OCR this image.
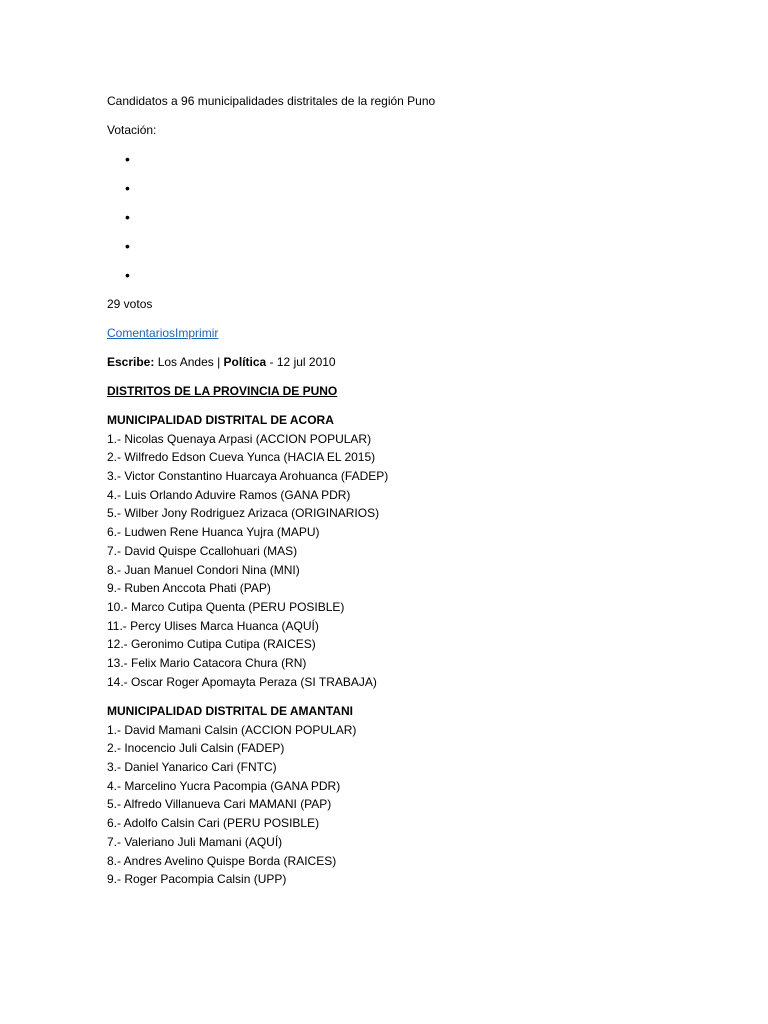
Candidatos a 96 municipalidades distritales de la región Puno
Votación:
•
•
•
•
•
29 votos
ComentariosImprimir
Escribe: Los Andes | Política - 12 jul 2010
DISTRITOS DE LA PROVINCIA DE PUNO
MUNICIPALIDAD DISTRITAL DE ACORA
1.- Nicolas Quenaya Arpasi (ACCION POPULAR)
2.- Wilfredo Edson Cueva Yunca (HACIA EL 2015)
3.- Victor Constantino Huarcaya Arohuanca (FADEP)
4.- Luis Orlando Aduvire Ramos (GANA PDR)
5.- Wilber Jony Rodriguez Arizaca (ORIGINARIOS)
6.- Ludwen Rene Huanca Yujra (MAPU)
7.- David Quispe Ccallohuari (MAS)
8.- Juan Manuel Condori Nina (MNI)
9.- Ruben Anccota Phati (PAP)
10.- Marco Cutipa Quenta (PERU POSIBLE)
11.- Percy Ulises Marca Huanca (AQUÍ)
12.- Geronimo Cutipa Cutipa (RAICES)
13.- Felix Mario Catacora Chura (RN)
14.- Oscar Roger Apomayta Peraza (SI TRABAJA)
MUNICIPALIDAD DISTRITAL DE AMANTANI
1.- David Mamani Calsin (ACCION POPULAR)
2.- Inocencio Juli Calsin (FADEP)
3.- Daniel Yanarico Cari (FNTC)
4.- Marcelino Yucra Pacompia (GANA PDR)
5.- Alfredo Villanueva Cari MAMANI (PAP)
6.- Adolfo Calsin Cari (PERU POSIBLE)
7.- Valeriano Juli Mamani (AQUÍ)
8.- Andres Avelino Quispe Borda (RAICES)
9.- Roger Pacompia Calsin (UPP)
